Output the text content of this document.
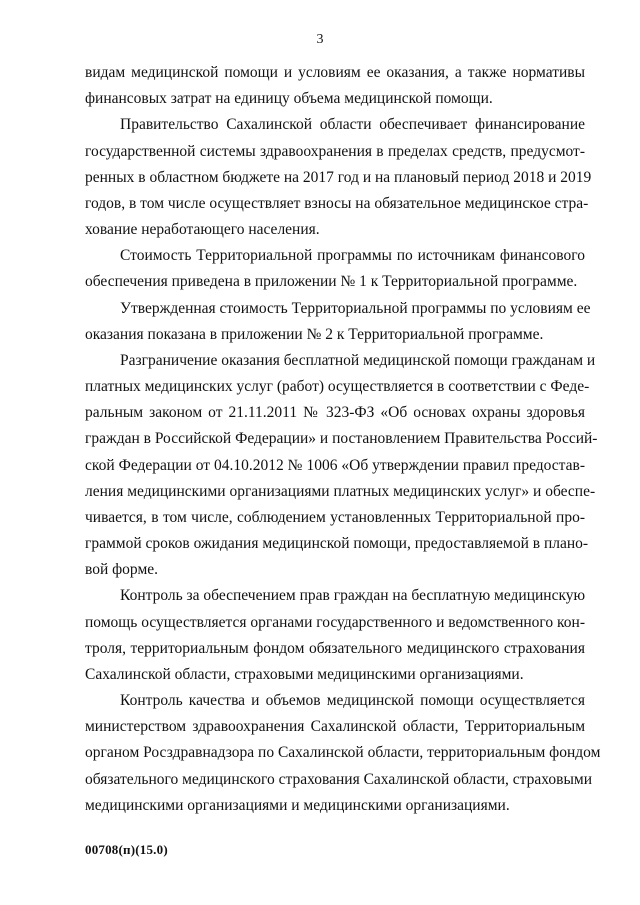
3
видам медицинской помощи и условиям ее оказания, а также нормативы
финансовых затрат на единицу объема медицинской помощи.
Правительство Сахалинской области обеспечивает финансирование
государственной системы здравоохранения в пределах средств, предусмот-
ренных в областном бюджете на 2017 год и на плановый период 2018 и 2019
годов, в том числе осуществляет взносы на обязательное медицинское стра-
хование неработающего населения.
Стоимость Территориальной программы по источникам финансового
обеспечения приведена в приложении № 1 к Территориальной программе.
Утвержденная стоимость Территориальной программы по условиям ее
оказания показана в приложении № 2 к Территориальной программе.
Разграничение оказания бесплатной медицинской помощи гражданам и
платных медицинских услуг (работ) осуществляется в соответствии с Феде-
ральным законом от 21.11.2011 № 323-ФЗ «Об основах охраны здоровья
граждан в Российской Федерации» и постановлением Правительства Россий-
ской Федерации от 04.10.2012 № 1006 «Об утверждении правил предостав-
ления медицинскими организациями платных медицинских услуг» и обеспе-
чивается, в том числе, соблюдением установленных Территориальной про-
граммой сроков ожидания медицинской помощи, предоставляемой в плано-
вой форме.
Контроль за обеспечением прав граждан на бесплатную медицинскую
помощь осуществляется органами государственного и ведомственного кон-
троля, территориальным фондом обязательного медицинского страхования
Сахалинской области, страховыми медицинскими организациями.
Контроль качества и объемов медицинской помощи осуществляется
министерством здравоохранения Сахалинской области, Территориальным
органом Росздравнадзора по Сахалинской области, территориальным фондом
обязательного медицинского страхования Сахалинской области, страховыми
медицинскими организациями и медицинскими организациями.
00708(п)(15.0)
